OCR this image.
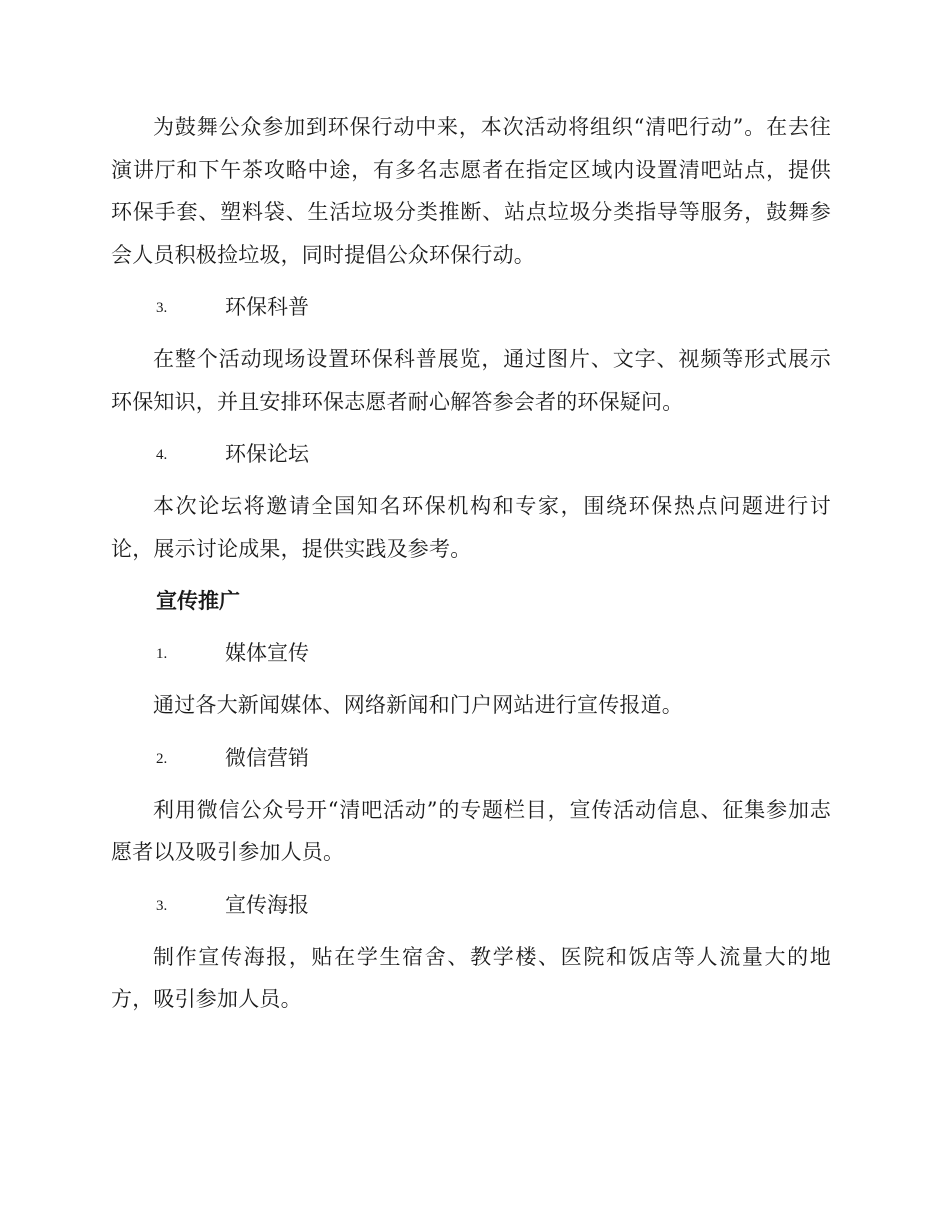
为鼓舞公众参加到环保行动中来，本次活动将组织“清吧行动”。在去往演讲厅和下午茶攻略中途，有多名志愿者在指定区域内设置清吧站点，提供环保手套、塑料袋、生活垃圾分类推断、站点垃圾分类指导等服务，鼓舞参会人员积极捡垃圾，同时提倡公众环保行动。

3.	环保科普

在整个活动现场设置环保科普展览，通过图片、文字、视频等形式展示环保知识，并且安排环保志愿者耐心解答参会者的环保疑问。

4.	环保论坛

本次论坛将邀请全国知名环保机构和专家，围绕环保热点问题进行讨论，展示讨论成果，提供实践及参考。

宣传推广
1.	媒体宣传

通过各大新闻媒体、网络新闻和门户网站进行宣传报道。

2.	微信营销

利用微信公众号开“清吧活动”的专题栏目，宣传活动信息、征集参加志愿者以及吸引参加人员。

3.	宣传海报

制作宣传海报，贴在学生宿舍、教学楼、医院和饭店等人流量大的地方，吸引参加人员。
